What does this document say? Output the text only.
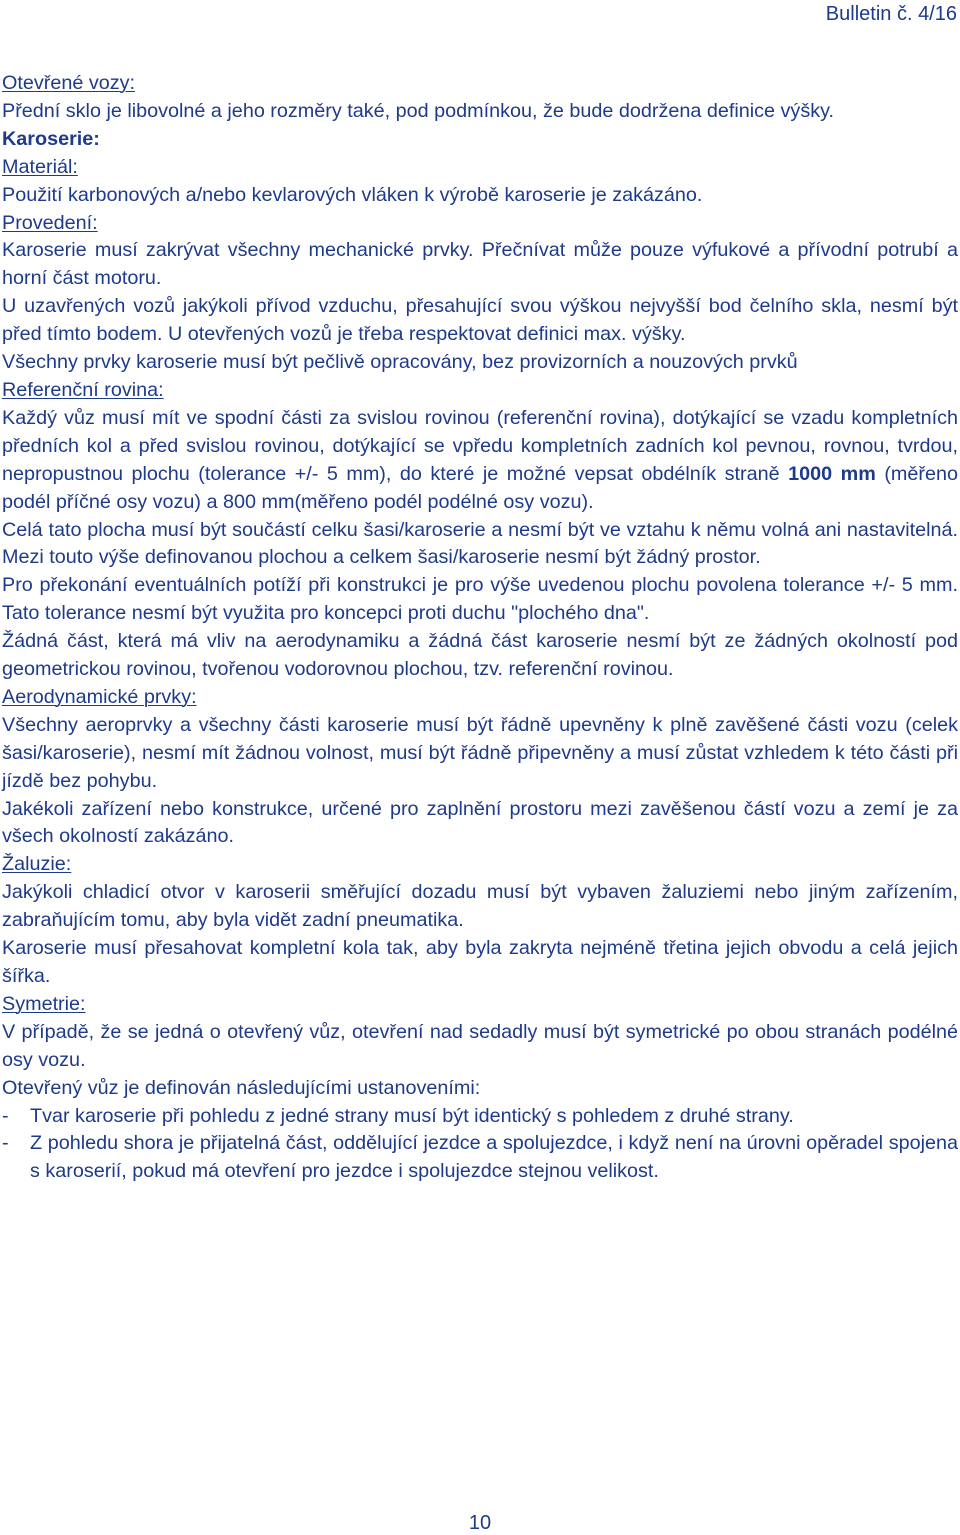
Bulletin č. 4/16

Otevřené vozy:

Přední sklo je libovolné a jeho rozměry také, pod podmínkou, že bude dodržena definice výšky.

Karoserie:

Materiál:

Použití karbonových a/nebo kevlarových vláken k výrobě karoserie je zakázáno.

Provedení:

Karoserie musí zakrývat všechny mechanické prvky. Přečnívat může pouze výfukové a přívodní potrubí a horní část motoru.

U uzavřených vozů jakýkoli přívod vzduchu, přesahující svou výškou nejvyšší bod čelního skla, nesmí být před tímto bodem. U otevřených vozů je třeba respektovat definici max. výšky.

Všechny prvky karoserie musí být pečlivě opracovány, bez provizorních a nouzových prvků

Referenční rovina:

Každý vůz musí mít ve spodní části za svislou rovinou (referenční rovina), dotýkající se vzadu kompletních předních kol a před svislou rovinou, dotýkající se vpředu kompletních zadních kol pevnou, rovnou, tvrdou, nepropustnou plochu (tolerance +/- 5 mm), do které je možné vepsat obdélník straně 1000 mm (měřeno podél příčné osy vozu) a 800 mm(měřeno podél podélné osy vozu).

Celá tato plocha musí být součástí celku šasi/karoserie a nesmí být ve vztahu k němu volná ani nastavitelná. Mezi touto výše definovanou plochou a celkem šasi/karoserie nesmí být žádný prostor.

Pro překonání eventuálních potíží při konstrukci je pro výše uvedenou plochu povolena tolerance +/- 5 mm. Tato tolerance nesmí být využita pro koncepci proti duchu "plochého dna".

Žádná část, která má vliv na aerodynamiku a žádná část karoserie nesmí být ze žádných okolností pod geometrickou rovinou, tvořenou vodorovnou plochou, tzv. referenční rovinou.

Aerodynamické prvky:

Všechny aeroprvky a všechny části karoserie musí být řádně upevněny k plně zavěšené části vozu (celek šasi/karoserie), nesmí mít žádnou volnost, musí být řádně připevněny a musí zůstat vzhledem k této části při jízdě bez pohybu.

Jakékoli zařízení nebo konstrukce, určené pro zaplnění prostoru mezi zavěšenou částí vozu a zemí je za všech okolností zakázáno.

Žaluzie:

Jakýkoli chladicí otvor v karoserii směřující dozadu musí být vybaven žaluziemi nebo jiným zařízením, zabraňujícím tomu, aby byla vidět zadní pneumatika.

Karoserie musí přesahovat kompletní kola tak, aby byla zakryta nejméně třetina jejich obvodu a celá jejich šířka.

Symetrie:

V případě, že se jedná o otevřený vůz, otevření nad sedadly musí být symetrické po obou stranách podélné osy vozu.

Otevřený vůz je definován následujícími ustanoveními:

-	Tvar karoserie při pohledu z jedné strany musí být identický s pohledem z druhé strany.
-	Z pohledu shora je přijatelná část, oddělující jezdce a spolujezdce, i když není na úrovni opěradel spojena s karoserií, pokud má otevření pro jezdce i spolujezdce stejnou velikost.
10
